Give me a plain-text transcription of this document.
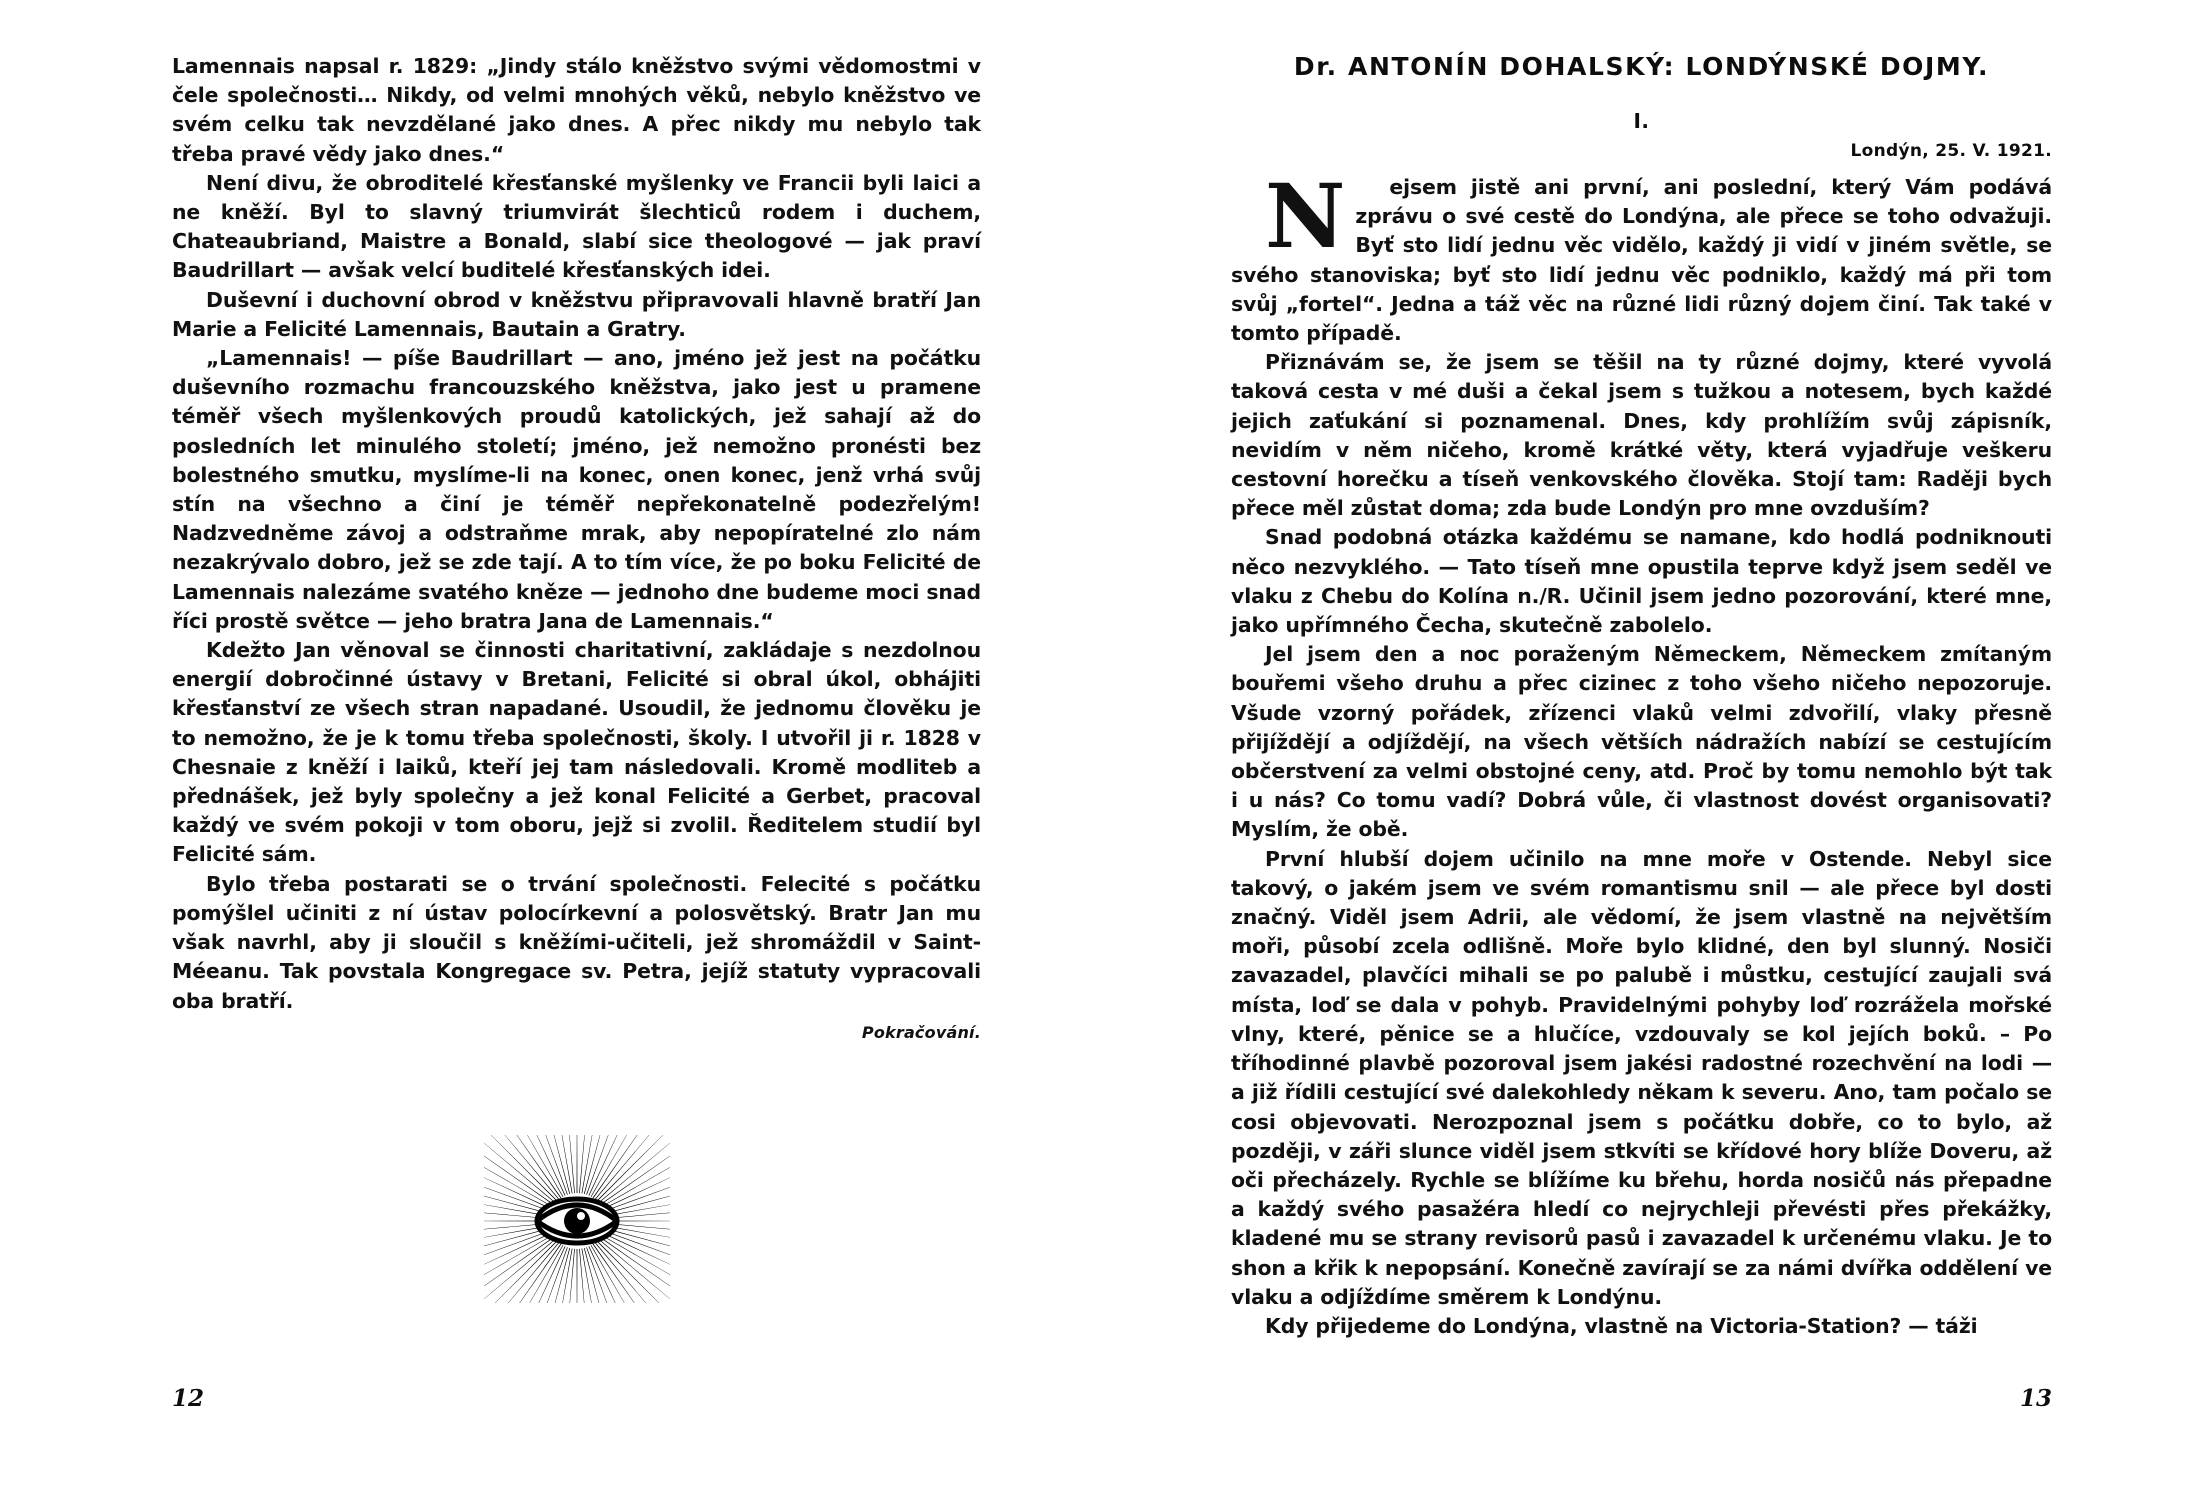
Lamennais napsal r. 1829: „Jindy stálo kněžstvo svými vědomostmi v čele společnosti… Nikdy, od velmi mnohých věků, nebylo kněžstvo ve svém celku tak nevzdělané jako dnes. A přec nikdy mu nebylo tak třeba pravé vědy jako dnes.“

Není divu, že obroditelé křesťanské myšlenky ve Francii byli laici a ne kněží. Byl to slavný triumvirát šlechticů rodem i duchem, Chateaubriand, Maistre a Bonald, slabí sice theologové — jak praví Baudrillart — avšak velcí buditelé křesťanských idei.

Duševní i duchovní obrod v kněžstvu připravovali hlavně bratří Jan Marie a Felicité Lamennais, Bautain a Gratry.

„Lamennais! — píše Baudrillart — ano, jméno jež jest na počátku duševního rozmachu francouzského kněžstva, jako jest u pramene téměř všech myšlenkových proudů katolických, jež sahají až do posledních let minulého století; jméno, jež nemožno pronésti bez bolestného smutku, myslíme-li na konec, onen konec, jenž vrhá svůj stín na všechno a činí je téměř nepřekonatelně podezřelým! Nadzvedněme závoj a odstraňme mrak, aby nepopíratelné zlo nám nezakrývalo dobro, jež se zde tají. A to tím více, že po boku Felicité de Lamennais nalezáme svatého kněze — jednoho dne budeme moci snad říci prostě světce — jeho bratra Jana de Lamennais.“

Kdežto Jan věnoval se činnosti charitativní, zakládaje s nezdolnou energií dobročinné ústavy v Bretani, Felicité si obral úkol, obhájiti křesťanství ze všech stran napadané. Usoudil, že jednomu člověku je to nemožno, že je k tomu třeba společnosti, školy. I utvořil ji r. 1828 v Chesnaie z kněží i laiků, kteří jej tam následovali. Kromě modliteb a přednášek, jež byly společny a jež konal Felicité a Gerbet, pracoval každý ve svém pokoji v tom oboru, jejž si zvolil. Ředitelem studií byl Felicité sám.

Bylo třeba postarati se o trvání společnosti. Felecité s počátku pomýšlel učiniti z ní ústav polocírkevní a polosvětský. Bratr Jan mu však navrhl, aby ji sloučil s kněžími-učiteli, jež shromáždil v Saint-Méeanu. Tak povstala Kongregace sv. Petra, jejíž statuty vypracovali oba bratří.

Pokračování.
12
Dr. ANTONÍN DOHALSKÝ: LONDÝNSKÉ DOJMY.
I.
Londýn, 25. V. 1921.

N	ejsem jistě ani první, ani poslední, který Vám podává zprávu o své cestě do Londýna, ale přece se toho odvažuji. Byť sto lidí jednu věc vidělo, každý ji vidí v jiném světle, se svého stanoviska; byť sto lidí jednu věc podniklo, každý má při tom svůj „fortel“. Jedna a táž věc na různé lidi různý dojem činí. Tak také v tomto případě.

Přiznávám se, že jsem se těšil na ty různé dojmy, které vyvolá taková cesta v mé duši a čekal jsem s tužkou a notesem, bych každé jejich zaťukání si poznamenal. Dnes, kdy prohlížím svůj zápisník, nevidím v něm ničeho, kromě krátké věty, která vyjadřuje veškeru cestovní horečku a tíseň venkovského člověka. Stojí tam: Raději bych přece měl zůstat doma; zda bude Londýn pro mne ovzduším?

Snad podobná otázka každému se namane, kdo hodlá podniknouti něco nezvyklého. — Tato tíseň mne opustila teprve když jsem seděl ve vlaku z Chebu do Kolína n./R. Učinil jsem jedno pozorování, které mne, jako upřímného Čecha, skutečně zabolelo.

Jel jsem den a noc poraženým Německem, Německem zmítaným bouřemi všeho druhu a přec cizinec z toho všeho ničeho nepozoruje. Všude vzorný pořádek, zřízenci vlaků velmi zdvořilí, vlaky přesně přijíždějí a odjíždějí, na všech větších nádražích nabízí se cestujícím občerstvení za velmi obstojné ceny, atd. Proč by tomu nemohlo být tak i u nás? Co tomu vadí? Dobrá vůle, či vlastnost dovést organisovati? Myslím, že obě.

První hlubší dojem učinilo na mne moře v Ostende. Nebyl sice takový, o jakém jsem ve svém romantismu snil — ale přece byl dosti značný. Viděl jsem Adrii, ale vědomí, že jsem vlastně na největším moři, působí zcela odlišně. Moře bylo klidné, den byl slunný. Nosiči zavazadel, plavčíci mihali se po palubě i můstku, cestující zaujali svá místa, loď se dala v pohyb. Pravidelnými pohyby loď rozrážela mořské vlny, které, pěnice se a hlučíce, vzdouvaly se kol jejích boků. – Po tříhodinné plavbě pozoroval jsem jakési radostné rozechvění na lodi — a již řídili cestující své dalekohledy někam k severu. Ano, tam počalo se cosi objevovati. Nerozpoznal jsem s počátku dobře, co to bylo, až později, v záři slunce viděl jsem stkvíti se křídové hory blíže Doveru, až oči přecházely. Rychle se blížíme ku břehu, horda nosičů nás přepadne a každý svého pasažéra hledí co nejrychleji převésti přes překážky, kladené mu se strany revisorů pasů i zavazadel k určenému vlaku. Je to shon a křik k nepopsání. Konečně zavírají se za námi dvířka oddělení ve vlaku a odjíždíme směrem k Londýnu.

Kdy přijedeme do Londýna, vlastně na Victoria-Station? — táži

13
